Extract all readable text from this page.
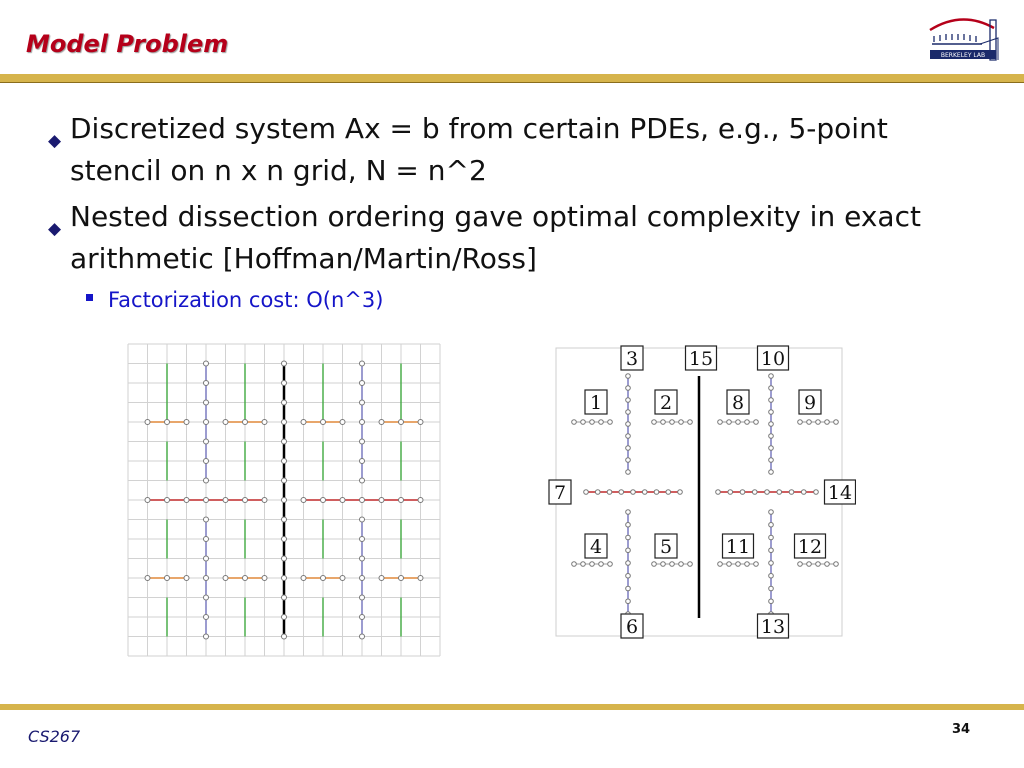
Model Problem	BERKELEY LAB
◆ Discretized system Ax = b from certain PDEs, e.g., 5-point stencil on n x n grid, N = n^2
◆ Nested dissection ordering gave optimal complexity in exact arithmetic [Hoffman/Martin/Ross]
Factorization cost: O(n^3)
1	2
3
4	5
6
7
8	9
10
11	12
13
14
15
CS267	34
